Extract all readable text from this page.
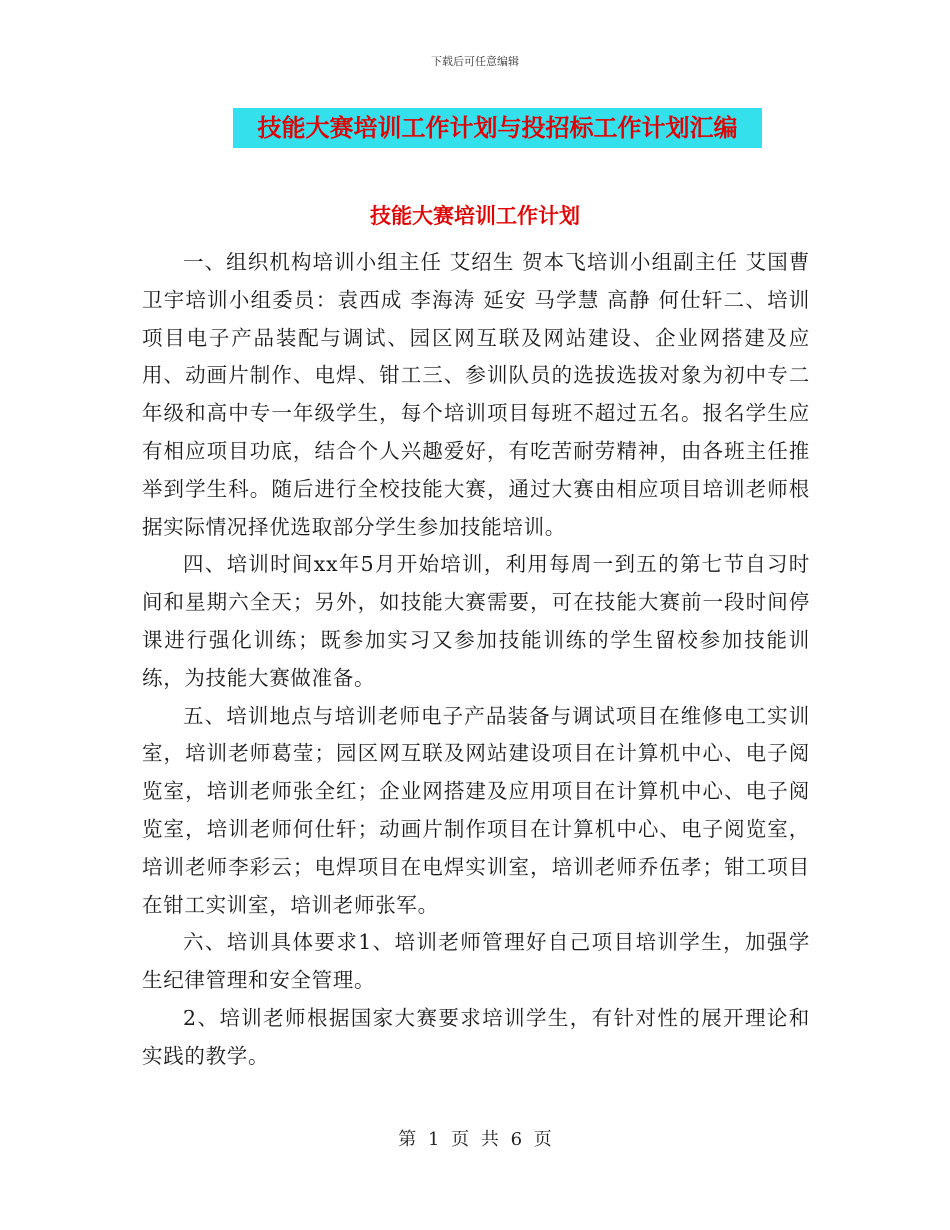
下载后可任意编辑
技能大赛培训工作计划与投招标工作计划汇编
技能大赛培训工作计划

一、组织机构培训小组主任 艾绍生 贺本飞培训小组副主任 艾国曹卫宇培训小组委员：袁西成 李海涛 延安 马学慧 高静 何仕轩二、培训项目电子产品装配与调试、园区网互联及网站建设、企业网搭建及应用、动画片制作、电焊、钳工三、参训队员的选拔选拔对象为初中专二年级和高中专一年级学生，每个培训项目每班不超过五名。报名学生应有相应项目功底，结合个人兴趣爱好，有吃苦耐劳精神，由各班主任推举到学生科。随后进行全校技能大赛，通过大赛由相应项目培训老师根据实际情况择优选取部分学生参加技能培训。

四、培训时间xx年5月开始培训，利用每周一到五的第七节自习时间和星期六全天；另外，如技能大赛需要，可在技能大赛前一段时间停课进行强化训练；既参加实习又参加技能训练的学生留校参加技能训练，为技能大赛做准备。

五、培训地点与培训老师电子产品装备与调试项目在维修电工实训室，培训老师葛莹；园区网互联及网站建设项目在计算机中心、电子阅览室，培训老师张全红；企业网搭建及应用项目在计算机中心、电子阅览室，培训老师何仕轩；动画片制作项目在计算机中心、电子阅览室，培训老师李彩云；电焊项目在电焊实训室，培训老师乔伍孝；钳工项目在钳工实训室，培训老师张军。

六、培训具体要求1、培训老师管理好自己项目培训学生，加强学生纪律管理和安全管理。

2、培训老师根据国家大赛要求培训学生，有针对性的展开理论和实践的教学。

第 1 页 共 6 页
